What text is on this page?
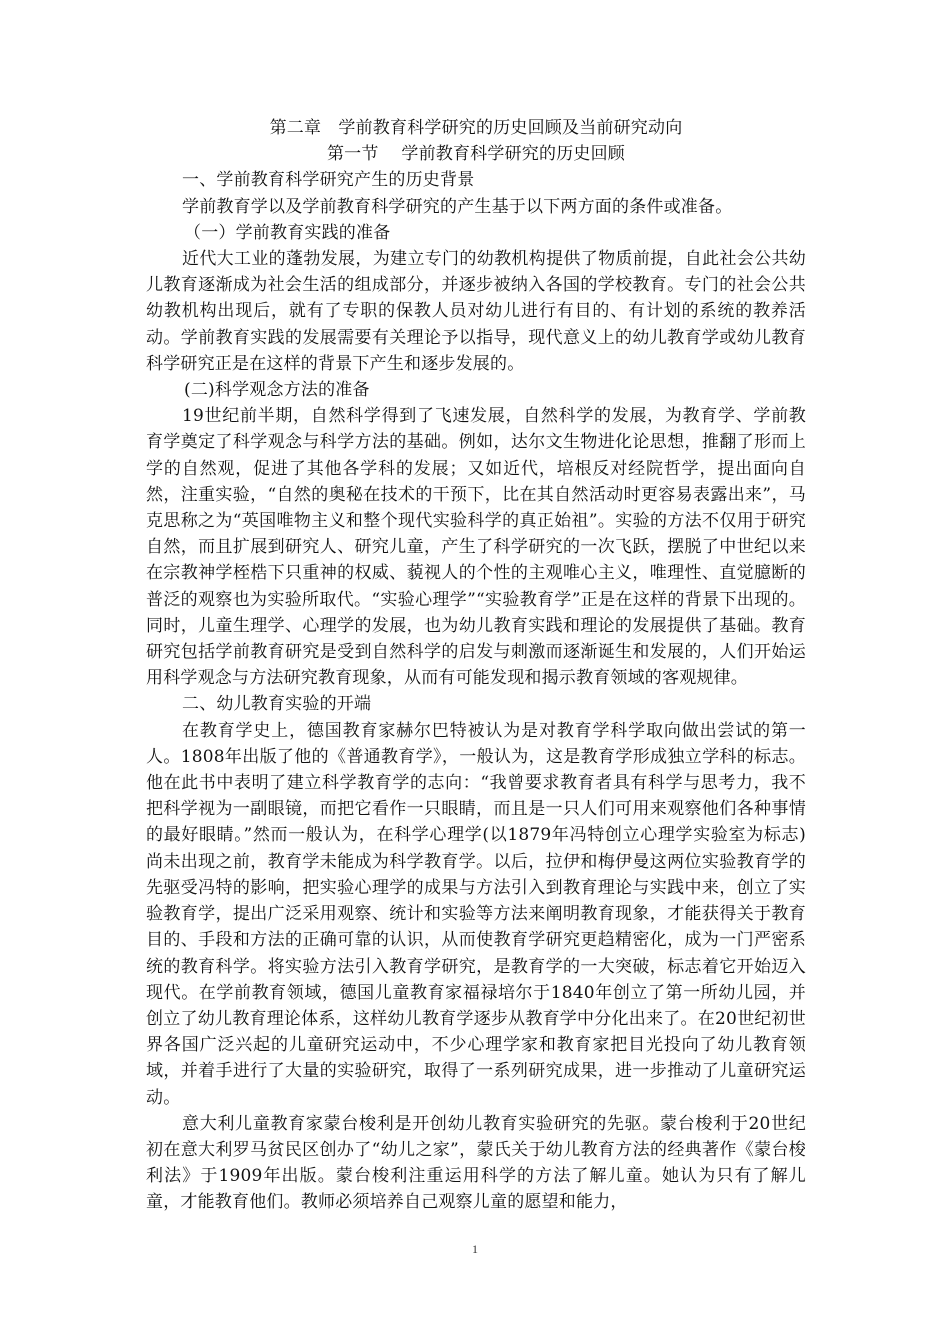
第二章　学前教育科学研究的历史回顾及当前研究动向

第一节　 学前教育科学研究的历史回顾

一、学前教育科学研究产生的历史背景

学前教育学以及学前教育科学研究的产生基于以下两方面的条件或准备。

（一）学前教育实践的准备

近代大工业的蓬勃发展，为建立专门的幼教机构提供了物质前提，自此社会公共幼儿教育逐渐成为社会生活的组成部分，并逐步被纳入各国的学校教育。专门的社会公共幼教机构出现后，就有了专职的保教人员对幼儿进行有目的、有计划的系统的教养活动。学前教育实践的发展需要有关理论予以指导，现代意义上的幼儿教育学或幼儿教育科学研究正是在这样的背景下产生和逐步发展的。

(二)科学观念方法的准备

19世纪前半期，自然科学得到了飞速发展，自然科学的发展，为教育学、学前教育学奠定了科学观念与科学方法的基础。例如，达尔文生物进化论思想，推翻了形而上学的自然观，促进了其他各学科的发展；又如近代，培根反对经院哲学，提出面向自然，注重实验，“自然的奥秘在技术的干预下，比在其自然活动时更容易表露出来”，马克思称之为“英国唯物主义和整个现代实验科学的真正始祖”。实验的方法不仅用于研究自然，而且扩展到研究人、研究儿童，产生了科学研究的一次飞跃，摆脱了中世纪以来在宗教神学桎梏下只重神的权威、藐视人的个性的主观唯心主义，唯理性、直觉臆断的普泛的观察也为实验所取代。“实验心理学”“实验教育学”正是在这样的背景下出现的。同时，儿童生理学、心理学的发展，也为幼儿教育实践和理论的发展提供了基础。教育研究包括学前教育研究是受到自然科学的启发与刺激而逐渐诞生和发展的，人们开始运用科学观念与方法研究教育现象，从而有可能发现和揭示教育领域的客观规律。

二、幼儿教育实验的开端

在教育学史上，德国教育家赫尔巴特被认为是对教育学科学取向做出尝试的第一人。1808年出版了他的《普通教育学》，一般认为，这是教育学形成独立学科的标志。他在此书中表明了建立科学教育学的志向：“我曾要求教育者具有科学与思考力，我不把科学视为一副眼镜，而把它看作一只眼睛，而且是一只人们可用来观察他们各种事情的最好眼睛。”然而一般认为，在科学心理学(以1879年冯特创立心理学实验室为标志)尚未出现之前，教育学未能成为科学教育学。以后，拉伊和梅伊曼这两位实验教育学的先驱受冯特的影响，把实验心理学的成果与方法引入到教育理论与实践中来，创立了实验教育学，提出广泛采用观察、统计和实验等方法来阐明教育现象，才能获得关于教育目的、手段和方法的正确可靠的认识，从而使教育学研究更趋精密化，成为一门严密系统的教育科学。将实验方法引入教育学研究，是教育学的一大突破，标志着它开始迈入现代。在学前教育领域，德国儿童教育家福禄培尔于1840年创立了第一所幼儿园，并创立了幼儿教育理论体系，这样幼儿教育学逐步从教育学中分化出来了。在20世纪初世界各国广泛兴起的儿童研究运动中，不少心理学家和教育家把目光投向了幼儿教育领域，并着手进行了大量的实验研究，取得了一系列研究成果，进一步推动了儿童研究运动。

意大利儿童教育家蒙台梭利是开创幼儿教育实验研究的先驱。蒙台梭利于20世纪初在意大利罗马贫民区创办了“幼儿之家”，蒙氏关于幼儿教育方法的经典著作《蒙台梭利法》于1909年出版。蒙台梭利注重运用科学的方法了解儿童。她认为只有了解儿童，才能教育他们。教师必须培养自己观察儿童的愿望和能力，

1
